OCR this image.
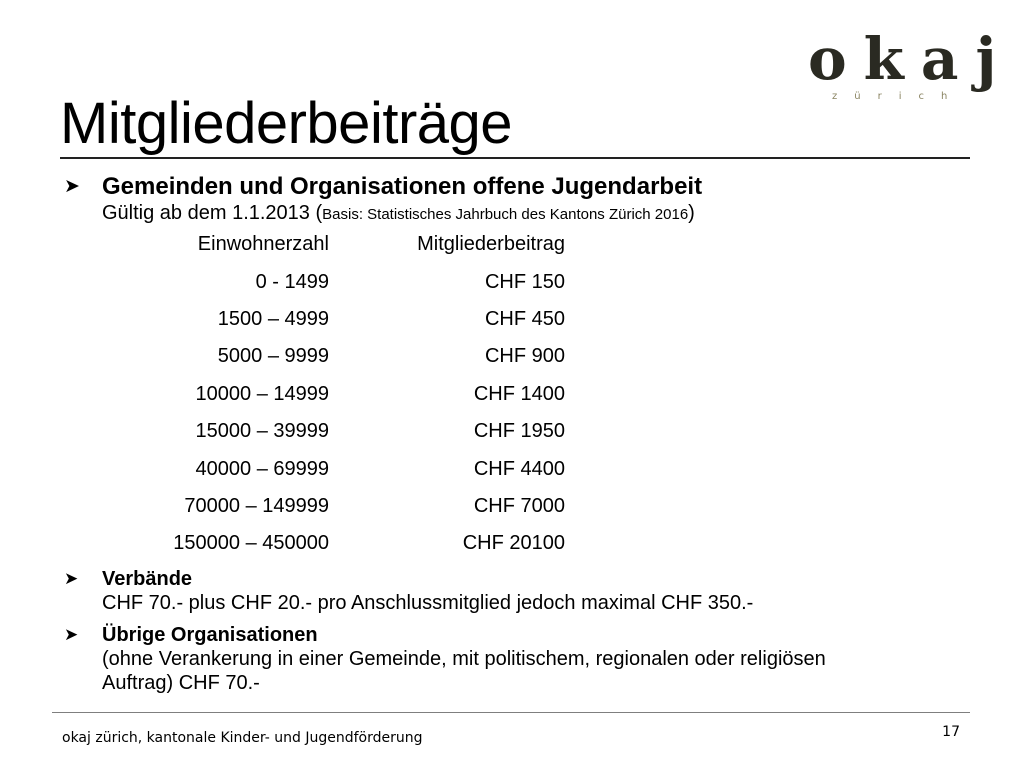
Mitgliederbeiträge
okaj
zürich
➤ Gemeinden und Organisationen offene Jugendarbeit
Gültig ab dem 1.1.2013 (Basis: Statistisches Jahrbuch des Kantons Zürich 2016)
Einwohnerzahl	Mitgliederbeitrag
0 - 1499	CHF 150
1500 – 4999	CHF 450
5000 – 9999	CHF 900
10000 – 14999	CHF 1400
15000 – 39999	CHF 1950
40000 – 69999	CHF 4400
70000 – 149999	CHF 7000
150000 – 450000	CHF 20100
➤ Verbände
CHF 70.- plus CHF 20.- pro Anschlussmitglied jedoch maximal CHF 350.-
➤ Übrige Organisationen
(ohne Verankerung in einer Gemeinde, mit politischem, regionalen oder religiösen
Auftrag) CHF 70.-
okaj zürich, kantonale Kinder- und Jugendförderung	17
